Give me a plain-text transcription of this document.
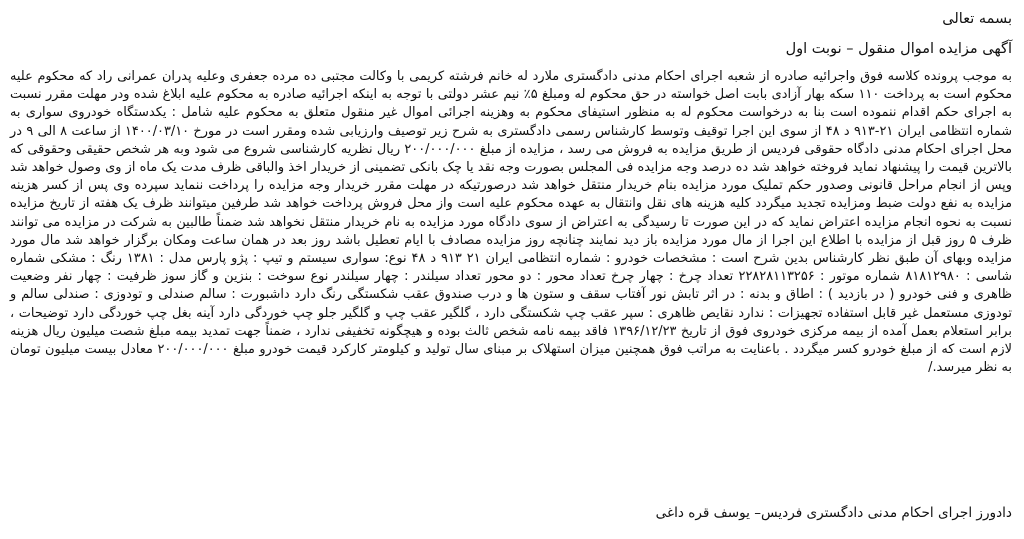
بسمه تعالی

آگهی مزایده اموال منقول – نوبت اول

به موجب پرونده کلاسه فوق واجرائیه صادره از شعبه اجرای احکام مدنی دادگستری ملارد له خانم فرشته کریمی با وکالت مجتبی ده مرده جعفری وعلیه پدران عمرانی راد که محکوم علیه محکوم است به پرداخت ۱۱۰ سکه بهار آزادی بابت اصل خواسته در حق محکوم له ومبلغ ۵٪ نیم عشر دولتی با توجه به اینکه اجرائیه صادره به محکوم علیه ابلاغ شده ودر مهلت مقرر نسبت به اجرای حکم اقدام ننموده است بنا به درخواست محکوم له به منظور استیفای محکوم به وهزینه اجرائی اموال غیر منقول متعلق به محکوم علیه شامل : یکدستگاه خودروی سواری به شماره انتظامی ایران ۲۱-۹۱۳ د ۴۸ از سوی این اجرا توقیف وتوسط کارشناس رسمی دادگستری به شرح زیر توصیف وارزیابی شده ومقرر است در مورخ ۱۴۰۰/۰۳/۱۰ از ساعت ۸ الی ۹ در محل اجرای احکام مدنی دادگاه حقوقی فردیس از طریق مزایده به فروش می رسد ، مزایده از مبلغ ۲۰۰/۰۰۰/۰۰۰ ریال نظریه کارشناسی شروع می شود وبه هر شخص حقیقی وحقوقی که بالاترین قیمت را پیشنهاد نماید فروخته خواهد شد ده درصد وجه مزایده فی المجلس بصورت وجه نقد یا چک بانکی تضمینی از خریدار اخذ والباقی ظرف مدت یک ماه از وی وصول خواهد شد وپس از انجام مراحل قانونی وصدور حکم تملیک مورد مزایده بنام خریدار منتقل خواهد شد درصورتیکه در مهلت مقرر خریدار وجه مزایده را پرداخت ننماید سپرده وی پس از کسر هزینه مزایده به نفع دولت ضبط ومزایده تجدید میگردد کلیه هزینه های نقل وانتقال به عهده محکوم علیه است واز محل فروش پرداخت خواهد شد طرفین میتوانند ظرف یک هفته از تاریخ مزایده نسبت به نحوه انجام مزایده اعتراض نماید که در این صورت تا رسیدگی به اعتراض از سوی دادگاه مورد مزایده به نام خریدار منتقل نخواهد شد ضمناً طالبین به شرکت در مزایده می توانند ظرف ۵ روز قبل از مزایده با اطلاع این اجرا از مال مورد مزایده باز دید نمایند چنانچه روز مزایده مصادف با ایام تعطیل باشد روز بعد در همان ساعت ومکان برگزار خواهد شد مال مورد مزایده وبهای آن طبق نظر کارشناس بدین شرح است : مشخصات خودرو : شماره انتظامی ایران ۲۱ ۹۱۳ د ۴۸ نوع: سواری سیستم و تیپ : پژو پارس مدل : ۱۳۸۱ رنگ : مشکی شماره شاسی : ۸۱۸۱۲۹۸۰ شماره موتور : ۲۲۸۲۸۱۱۳۲۵۶ تعداد چرخ : چهار چرخ تعداد محور : دو محور تعداد سیلندر : چهار سیلندر نوع سوخت : بنزین و گاز سوز ظرفیت : چهار نفر وضعیت ظاهری و فنی خودرو ( در بازدید ) : اطاق و بدنه : در اثر تابش نور آفتاب سقف و ستون ها و درب صندوق عقب شکستگی رنگ دارد داشبورت : سالم صندلی و تودوزی : صندلی سالم و تودوزی مستعمل غیر قابل استفاده تجهیزات : ندارد نقایص ظاهری : سپر عقب چپ شکستگی دارد ، گلگیر عقب چپ و گلگیر جلو چپ خوردگی دارد آینه بغل چپ خوردگی دارد توضیحات ، برابر استعلام بعمل آمده از بیمه مرکزی خودروی فوق از تاریخ ۱۳۹۶/۱۲/۲۳ فاقد بیمه نامه شخص ثالث بوده و هیچگونه تخفیفی ندارد ، ضمناً جهت تمدید بیمه مبلغ شصت میلیون ریال هزینه لازم است که از مبلغ خودرو کسر میگردد . باعنایت به مراتب فوق همچنین میزان استهلاک بر مبنای سال تولید و کیلومتر کارکرد قیمت خودرو مبلغ ۲۰۰/۰۰۰/۰۰۰ معادل بیست میلیون تومان به نظر میرسد./

دادورز اجرای احکام مدنی دادگستری فردیس– یوسف قره داغی
